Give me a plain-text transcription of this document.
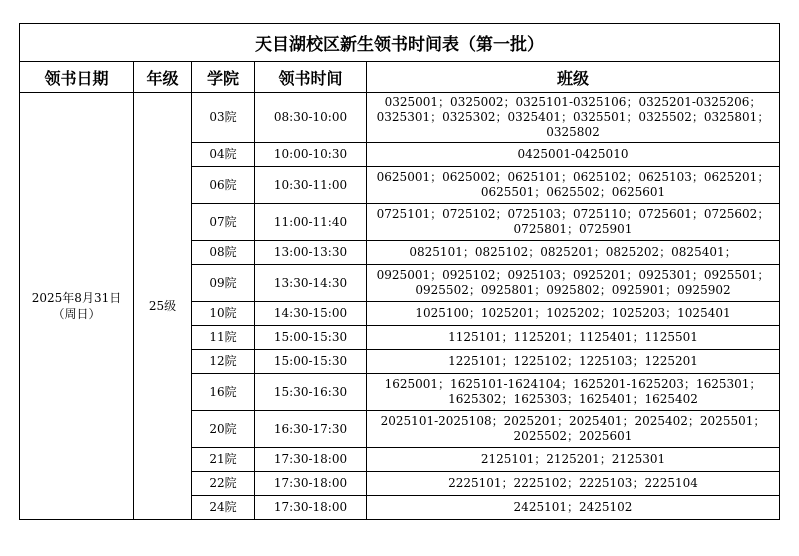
天目湖校区新生领书时间表（第一批）				
领书日期	年级	学院	领书时间	班级

2025年8月31日
（周日）	25级	03院	08:30-10:00	0325001；0325002；0325101-0325106；0325201-0325206；0325301；0325302；0325401；0325501；0325502；0325801；0325802
		04院	10:00-10:30	0425001-0425010
		06院	10:30-11:00	0625001；0625002；0625101；0625102；0625103；0625201；0625501；0625502；0625601
		07院	11:00-11:40	0725101；0725102；0725103；0725110；0725601；0725602；0725801；0725901
		08院	13:00-13:30	0825101；0825102；0825201；0825202；0825401；
		09院	13:30-14:30	0925001；0925102；0925103；0925201；0925301；0925501；0925502；0925801；0925802；0925901；0925902
		10院	14:30-15:00	1025100；1025201；1025202；1025203；1025401
		11院	15:00-15:30	1125101；1125201；1125401；1125501
		12院	15:00-15:30	1225101；1225102；1225103；1225201
		16院	15:30-16:30	1625001；1625101-1624104；1625201-1625203；1625301；1625302；1625303；1625401；1625402
		20院	16:30-17:30	2025101-2025108；2025201；2025401；2025402；2025501；2025502；2025601
		21院	17:30-18:00	2125101；2125201；2125301
		22院	17:30-18:00	2225101；2225102；2225103；2225104
		24院	17:30-18:00	2425101；2425102
